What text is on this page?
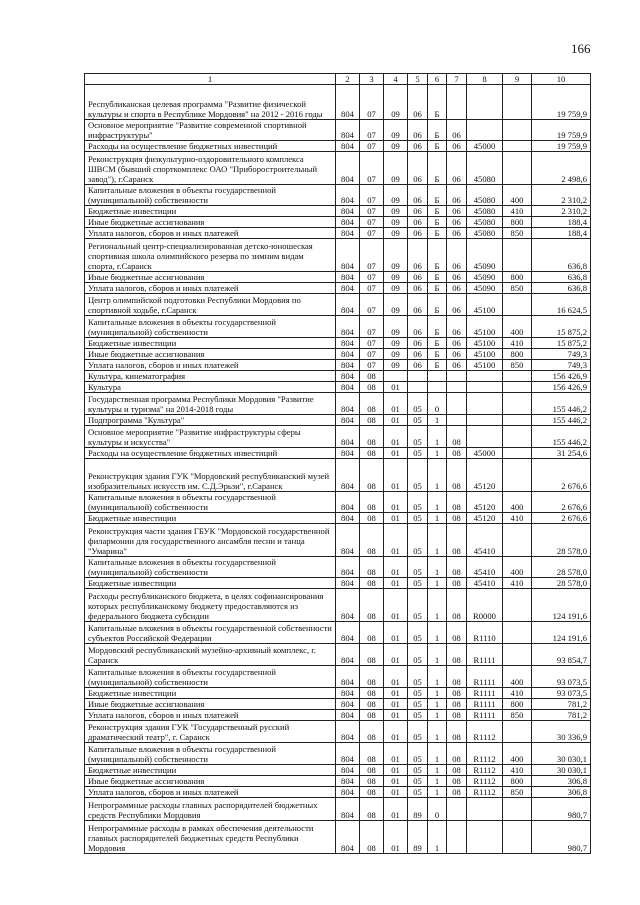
166
1	2	3	4	5	6	7	8	9	10
Республиканская целевая программа "Развитие физической культуры и спорта в Республике Мордовия" на 2012 - 2016 годы	804	07	09	06	Б				19 759,9
Основное мероприятие "Развитие современной спортивной инфраструктуры"	804	07	09	06	Б	06			19 759,9
Расходы на осуществление бюджетных инвестиций	804	07	09	06	Б	06	45000		19 759,9
Реконструкция физкультурно-оздоровительного комплекса ШВСМ (бывший спорткомплекс ОАО "Приборостроительный завод"), г.Саранск	804	07	09	06	Б	06	45080		2 498,6
Капитальные вложения в объекты государственной (муниципальной) собственности	804	07	09	06	Б	06	45080	400	2 310,2
Бюджетные инвестиции	804	07	09	06	Б	06	45080	410	2 310,2
Иные бюджетные ассигнования	804	07	09	06	Б	06	45080	800	188,4
Уплата налогов, сборов и иных платежей	804	07	09	06	Б	06	45080	850	188,4
Региональный центр-специализированная детско-юношеская спортивная школа олимпийского резерва по зимним видам спорта, г.Саранск	804	07	09	06	Б	06	45090		636,8
Иные бюджетные ассигнования	804	07	09	06	Б	06	45090	800	636,8
Уплата налогов, сборов и иных платежей	804	07	09	06	Б	06	45090	850	636,8
Центр олимпийской подготовки Республики Мордовия по спортивной ходьбе, г.Саранск	804	07	09	06	Б	06	45100		16 624,5
Капитальные вложения в объекты государственной (муниципальной) собственности	804	07	09	06	Б	06	45100	400	15 875,2
Бюджетные инвестиции	804	07	09	06	Б	06	45100	410	15 875,2
Иные бюджетные ассигнования	804	07	09	06	Б	06	45100	800	749,3
Уплата налогов, сборов и иных платежей	804	07	09	06	Б	06	45100	850	749,3
Культура, кинематография	804	08							156 426,9
Культура	804	08	01						156 426,9
Государственная программа Республики Мордовия "Развитие культуры и туризма" на 2014-2018 годы	804	08	01	05	0				155 446,2
Подпрограмма "Культура"	804	08	01	05	1				155 446,2
Основное мероприятие "Развитие инфраструктуры сферы культуры и искусства"	804	08	01	05	1	08			155 446,2
Расходы на осуществление бюджетных инвестиций	804	08	01	05	1	08	45000		31 254,6
Реконструкция здания ГУК "Мордовский республиканский музей изобразительных искусств им. С.Д.Эрьзи", г.Саранск	804	08	01	05	1	08	45120		2 676,6
Капитальные вложения в объекты государственной (муниципальной) собственности	804	08	01	05	1	08	45120	400	2 676,6
Бюджетные инвестиции	804	08	01	05	1	08	45120	410	2 676,6
Реконструкция части здания ГБУК "Мордовской государственной филармонии для государственного ансамбля песни и танца "Умарина"	804	08	01	05	1	08	45410		28 578,0
Капитальные вложения в объекты государственной (муниципальной) собственности	804	08	01	05	1	08	45410	400	28 578,0
Бюджетные инвестиции	804	08	01	05	1	08	45410	410	28 578,0
Расходы республиканского бюджета, в целях софинансирования которых республиканскому бюджету предоставляются из федерального бюджета субсидии	804	08	01	05	1	08	R0000		124 191,6
Капитальные вложения в объекты государственной собственности субъектов Российской Федерации	804	08	01	05	1	08	R1110		124 191,6
Мордовский республиканский музейно-архивный комплекс, г. Саранск	804	08	01	05	1	08	R1111		93 854,7
Капитальные вложения в объекты государственной (муниципальной) собственности	804	08	01	05	1	08	R1111	400	93 073,5
Бюджетные инвестиции	804	08	01	05	1	08	R1111	410	93 073,5
Иные бюджетные ассигнования	804	08	01	05	1	08	R1111	800	781,2
Уплата налогов, сборов и иных платежей	804	08	01	05	1	08	R1111	850	781,2
Реконструкция здания ГУК "Государственный русский драматический театр", г. Саранск	804	08	01	05	1	08	R1112		30 336,9
Капитальные вложения в объекты государственной (муниципальной) собственности	804	08	01	05	1	08	R1112	400	30 030,1
Бюджетные инвестиции	804	08	01	05	1	08	R1112	410	30 030,1
Иные бюджетные ассигнования	804	08	01	05	1	08	R1112	800	306,8
Уплата налогов, сборов и иных платежей	804	08	01	05	1	08	R1112	850	306,8
Непрограммные расходы главных распорядителей бюджетных средств Республики Мордовия	804	08	01	89	0				980,7
Непрограммные расходы в рамках обеспечения деятельности главных распорядителей бюджетных средств Республики Мордовия	804	08	01	89	1				980,7
